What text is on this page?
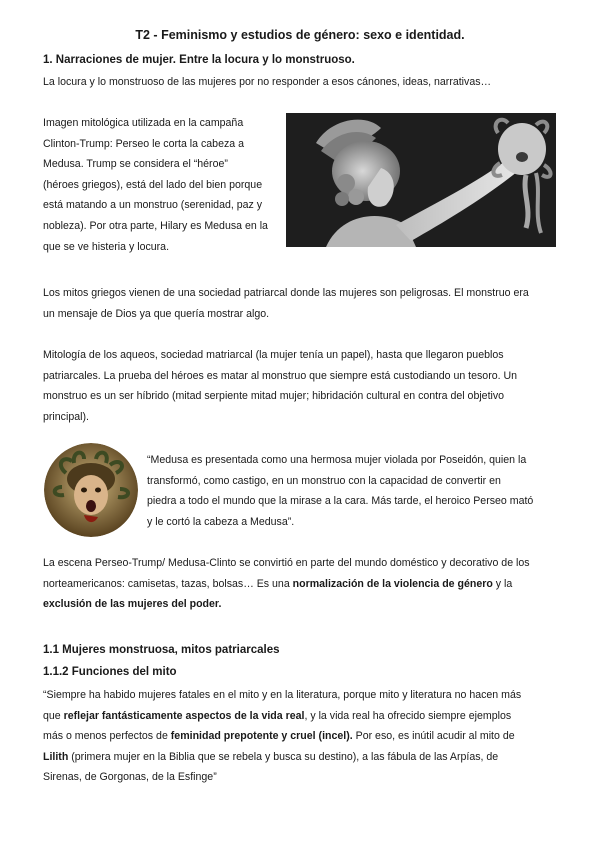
T2 - Feminismo y estudios de género: sexo e identidad.
1. Narraciones de mujer. Entre la locura y lo monstruoso.
La locura y lo monstruoso de las mujeres por no responder a esos cánones, ideas, narrativas…
Imagen mitológica utilizada en la campaña
Clinton-Trump: Perseo le corta la cabeza a
Medusa. Trump se considera el “héroe”
(héroes griegos), está del lado del bien porque
está matando a un monstruo (serenidad, paz y
nobleza). Por otra parte, Hilary es Medusa en la
que se ve histeria y locura.
Los mitos griegos vienen de una sociedad patriarcal donde las mujeres son peligrosas. El monstruo era
un mensaje de Dios ya que quería mostrar algo.
Mitología de los aqueos, sociedad matriarcal (la mujer tenía un papel), hasta que llegaron pueblos
patriarcales. La prueba del héroes es matar al monstruo que siempre está custodiando un tesoro. Un
monstruo es un ser híbrido (mitad serpiente mitad mujer; hibridación cultural en contra del objetivo
principal).
“Medusa es presentada como una hermosa mujer violada por Poseidón, quien la
transformó, como castigo, en un monstruo con la capacidad de convertir en
piedra a todo el mundo que la mirase a la cara. Más tarde, el heroico Perseo mató
y le cortó la cabeza a Medusa”.
La escena Perseo-Trump/ Medusa-Clinto se convirtió en parte del mundo doméstico y decorativo de los
norteamericanos: camisetas, tazas, bolsas… Es una normalización de la violencia de género y la
exclusión de las mujeres del poder.
1.1 Mujeres monstruosa, mitos patriarcales
1.1.2 Funciones del mito
“Siempre ha habido mujeres fatales en el mito y en la literatura, porque mito y literatura no hacen más
que reflejar fantásticamente aspectos de la vida real, y la vida real ha ofrecido siempre ejemplos
más o menos perfectos de feminidad prepotente y cruel (incel). Por eso, es inútil acudir al mito de
Lilith (primera mujer en la Biblia que se rebela y busca su destino), a las fábula de las Arpías, de
Sirenas, de Gorgonas, de la Esfinge”
